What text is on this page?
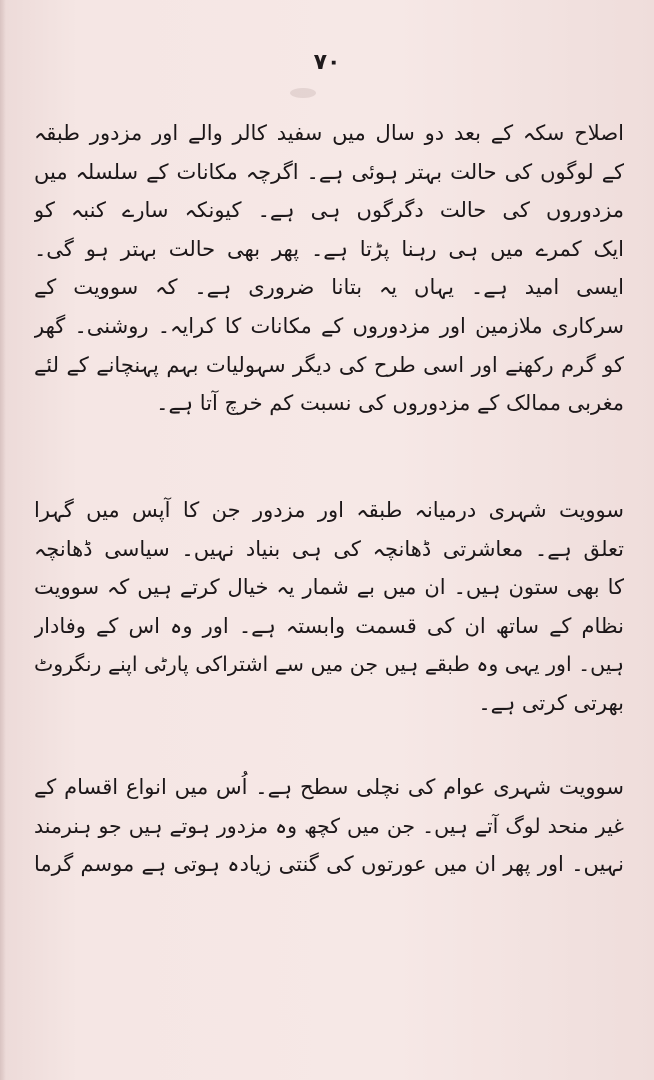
۷۰
اصلاح سکہ کے بعد دو سال میں سفید کالر والے اور مزدور طبقہ
کے لوگوں کی حالت بہتر ہوئی ہے۔ اگرچہ مکانات کے سلسلہ میں
مزدوروں کی حالت دگرگوں ہی ہے۔ کیونکہ سارے کنبہ کو
ایک کمرے میں ہی رہنا پڑتا ہے۔ پھر بھی حالت بہتر ہو گی۔
ایسی امید ہے۔ یہاں یہ بتانا ضروری ہے۔ کہ سوویت کے
سرکاری ملازمین اور مزدوروں کے مکانات کا کرایہ۔ روشنی۔ گھر
کو گرم رکھنے اور اسی طرح کی دیگر سہولیات بہم پہنچانے کے لئے
مغربی ممالک کے مزدوروں کی نسبت کم خرچ آتا ہے۔
سوویت شہری درمیانہ طبقہ اور مزدور جن کا آپس میں گہرا
تعلق ہے۔ معاشرتی ڈھانچہ کی ہی بنیاد نہیں۔ سیاسی ڈھانچہ
کا بھی ستون ہیں۔ ان میں بے شمار یہ خیال کرتے ہیں کہ سوویت
نظام کے ساتھ ان کی قسمت وابستہ ہے۔ اور وہ اس کے وفادار
ہیں۔ اور یہی وہ طبقے ہیں جن میں سے اشتراکی پارٹی اپنے رنگروٹ
بھرتی کرتی ہے۔
سوویت شہری عوام کی نچلی سطح ہے۔ اُس میں انواع اقسام کے
غیر منحد لوگ آتے ہیں۔ جن میں کچھ وہ مزدور ہوتے ہیں جو ہنرمند
نہیں۔ اور پھر ان میں عورتوں کی گنتی زیادہ ہوتی ہے موسم گرما
